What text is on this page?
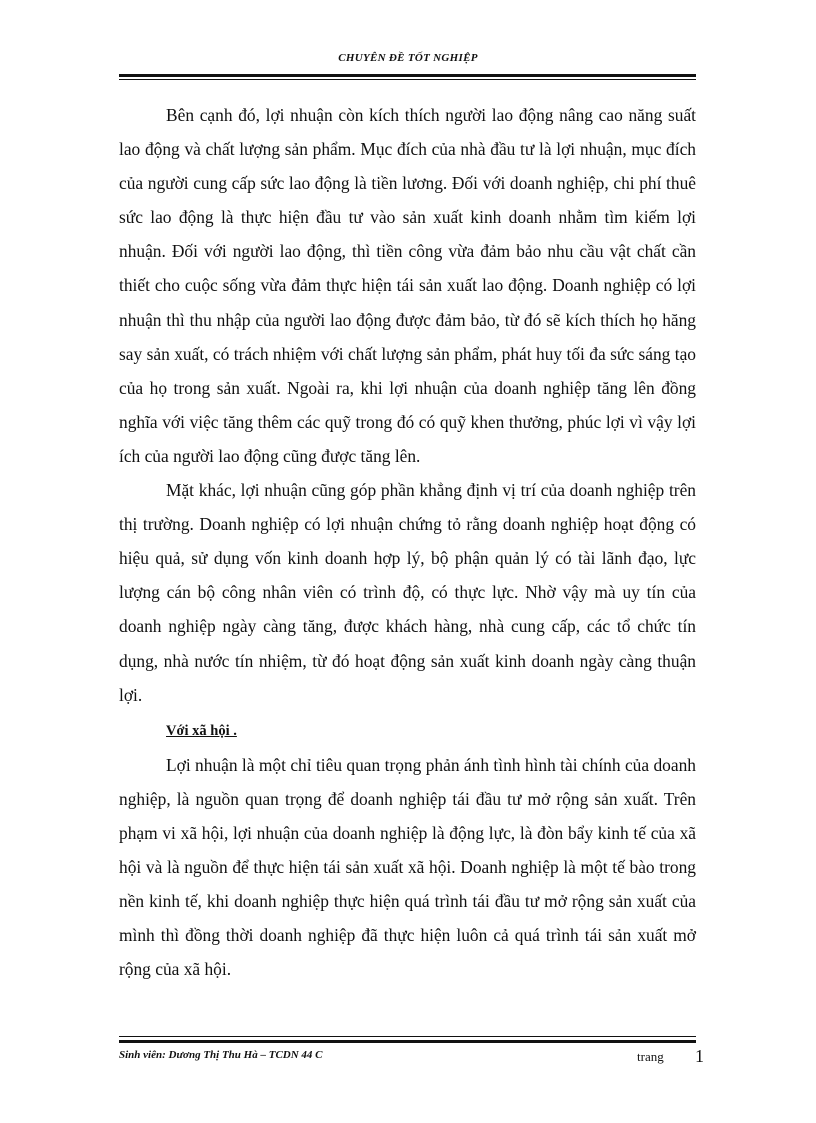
CHUYÊN ĐỀ TỐT NGHIỆP

Bên cạnh đó, lợi nhuận còn kích thích người lao động nâng cao năng suất lao động và chất lượng sản phẩm. Mục đích của nhà đầu tư là lợi nhuận, mục đích của người cung cấp sức lao động là tiền lương. Đối với doanh nghiệp, chi phí thuê sức lao động là thực hiện đầu tư vào sản xuất kinh doanh nhằm tìm kiếm lợi nhuận. Đối với người lao động, thì tiền công vừa đảm bảo nhu cầu vật chất cần thiết cho cuộc sống vừa đảm thực hiện tái sản xuất lao động. Doanh nghiệp có lợi nhuận thì thu nhập của người lao động được đảm bảo, từ đó sẽ kích thích họ hăng say sản xuất, có trách nhiệm với chất lượng sản phẩm, phát huy tối đa sức sáng tạo của họ trong sản xuất. Ngoài ra, khi lợi nhuận của doanh nghiệp tăng lên đồng nghĩa với việc tăng thêm các quỹ trong đó có quỹ khen thưởng, phúc lợi vì vậy lợi ích của người lao động cũng được tăng lên.

Mặt khác, lợi nhuận cũng góp phần khẳng định vị trí của doanh nghiệp trên thị trường. Doanh nghiệp có lợi nhuận chứng tỏ rằng doanh nghiệp hoạt động có hiệu quả, sử dụng vốn kinh doanh hợp lý, bộ phận quản lý có tài lãnh đạo, lực lượng cán bộ công nhân viên có trình độ, có thực lực. Nhờ vậy mà uy tín của doanh nghiệp ngày càng tăng, được khách hàng, nhà cung cấp, các tổ chức tín dụng, nhà nước tín nhiệm, từ đó hoạt động sản xuất kinh doanh ngày càng thuận lợi.

Với xã hội .

Lợi nhuận là một chỉ tiêu quan trọng phản ánh tình hình tài chính của doanh nghiệp, là nguồn quan trọng để doanh nghiệp tái đầu tư mở rộng sản xuất. Trên phạm vi xã hội, lợi nhuận của doanh nghiệp là động lực, là đòn bẩy kinh tế của xã hội và là nguồn để thực hiện tái sản xuất xã hội. Doanh nghiệp là một tế bào trong nền kinh tế, khi doanh nghiệp thực hiện quá trình tái đầu tư mở rộng sản xuất của mình thì đồng thời doanh nghiệp đã thực hiện luôn cả quá trình tái sản xuất mở rộng của xã hội.

Sinh viên: Dương Thị Thu Hà – TCDN 44 C	trang 1
